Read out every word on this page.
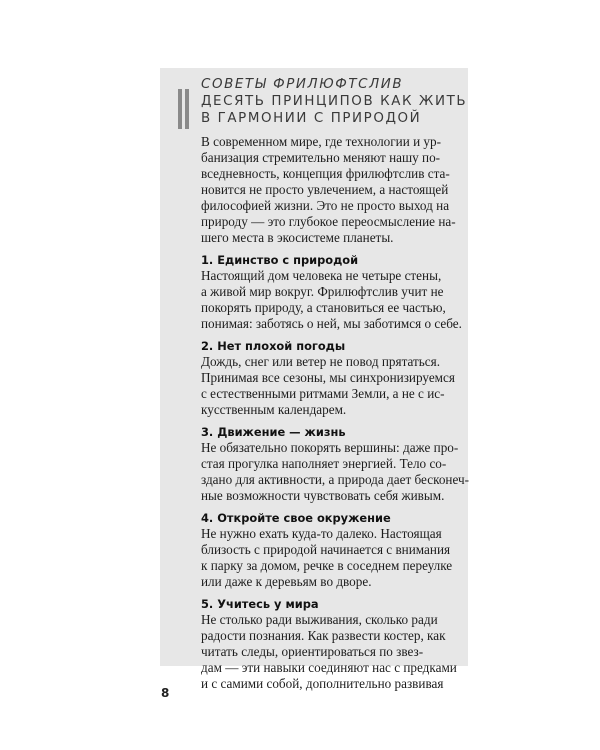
СОВЕТЫ ФРИЛЮФТСЛИВ
ДЕСЯТЬ ПРИНЦИПОВ КАК ЖИТЬ
В ГАРМОНИИ С ПРИРОДОЙ

В современном мире, где технологии и ур-
банизация стремительно меняют нашу по-
вседневность, концепция фрилюфтслив ста-
новится не просто увлечением, а настоящей
философией жизни. Это не просто выход на
природу — это глубокое переосмысление на-
шего места в экосистеме планеты.

1. Единство с природой
Настоящий дом человека не четыре стены,
а живой мир вокруг. Фрилюфтслив учит не
покорять природу, а становиться ее частью,
понимая: заботясь о ней, мы заботимся о себе.
2. Нет плохой погоды
Дождь, снег или ветер не повод прятаться.
Принимая все сезоны, мы синхронизируемся
с естественными ритмами Земли, а не с ис-
кусственным календарем.
3. Движение — жизнь
Не обязательно покорять вершины: даже про-
стая прогулка наполняет энергией. Тело со-
здано для активности, а природа дает бесконеч-
ные возможности чувствовать себя живым.
4. Откройте свое окружение
Не нужно ехать куда-то далеко. Настоящая
близость с природой начинается с внимания
к парку за домом, речке в соседнем переулке
или даже к деревьям во дворе.
5. Учитесь у мира
Не столько ради выживания, сколько ради
радости познания. Как развести костер, как
читать следы, ориентироваться по звез-
дам — эти навыки соединяют нас с предками
и с самими собой, дополнительно развивая
8
